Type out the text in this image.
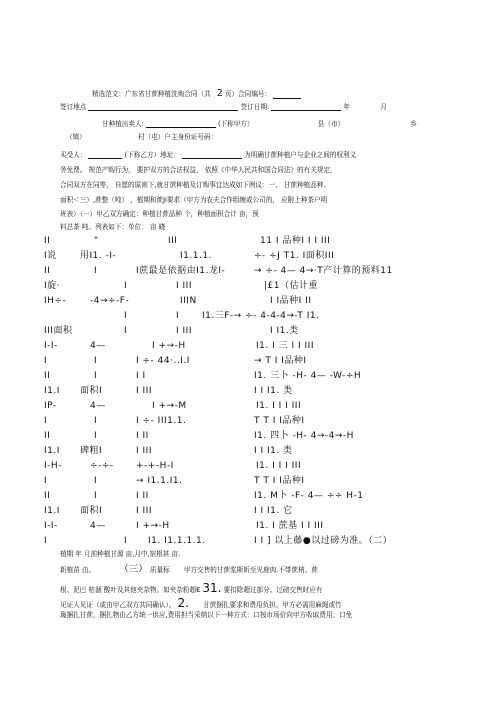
精选范文：广东省甘蔗种植洗购合同（共 2 页）合同编号：
签订地点	签订日期:	年	月
甘种植出卖人:	(下称甲方）	县（市）	乡
（镇）	村（屯）户主身份证号码：
买受人：	(下称乙方）地址：	为明确甘蔗种植户与企业之间的权利义
务免费。 规范产购行为， 要护双方的合法权益， 依照《中华人民共和国合同法》的有关规定，
合同双方在同等、 自愿的原则下,就甘蔗种植及订购事宜达成如下例议：一、 甘蔗种植品种、
面积＜三）,蔗整（吨） ，植期和蔗Ji要求（甲方为农夫合作组缠或公司的， 应附上种茶户明
班表）（一）甲乙双方确定：种植甘蔗品种 个，种植面积合计 亩，预
料总茶 吨。列表如下：单位： 亩 晓
II	"	III	11 I 品种I I I III
I说	用I1. -I-	I1.1.1.	÷- ÷J T1. I面积III
II	I	I蔗最是依据由I1.龙I-	→ ÷- 4— 4→·T产计算的预料11
I旋·	I	I III	|£1（估计重
IH÷-	-4→÷-F-	IIIN	I I品种I II
I	I	I1.三F-→ ÷- 4-4-4→-T I1.
III面积	I	I III	I I1.类
I-I-	4—	I +→-H	I1. I 三 I I III
I	I	I ÷- 44·..I.I	→ T I I品种I
II	I	I I	I1. 三卜 -H- 4— -W-÷H
I1.I 面积I	I III	I I I1. 类
IP-	4—	I +→-M	I1. I I I III
I	I	I ÷- III1.1.	T T I I品种I
II	I	I II	I1. 四卜 -H- 4→-4→-H
I1.I 碑粗I	I III	I I I1. 类
I-H-	÷-÷- +-+-H-I	I1. I I I III
I	I	→ I1.1.I1.	T T I I品种I
II	I	I II	I1. M卜 -F- 4— ÷÷ H-1
I1.I 面积I	I III	I I I1. 它
I-I-	4—	I +→-H	I1. I 蔗基 I I III
I	I I1. I1.1.1.1.	I I ] 以上藤●以过磅为准。（二）
植期 年 月前种植甘源 亩,月中,宿根甚 亩.
新植苗 由。	（三） 质量标 甲方交售的甘蔗浆斯斩至见鹿肉.不带蔗梢、蔗
根、泥巴 枯涸 酸叶及其他夹杂物。如夹杂粉超E 31. 要扣除超过部分。过磅交售时应有
见证人见证（或由甲乙双方共同确认）。 2. 甘蔗捆扎要求和费用负担。甲方必需用麻绳或竹
篾捆扎甘蔗，捆扎物由乙方统一供应,费用担当采纳以下一种方式：口按市场价向甲方收取费用；口免
